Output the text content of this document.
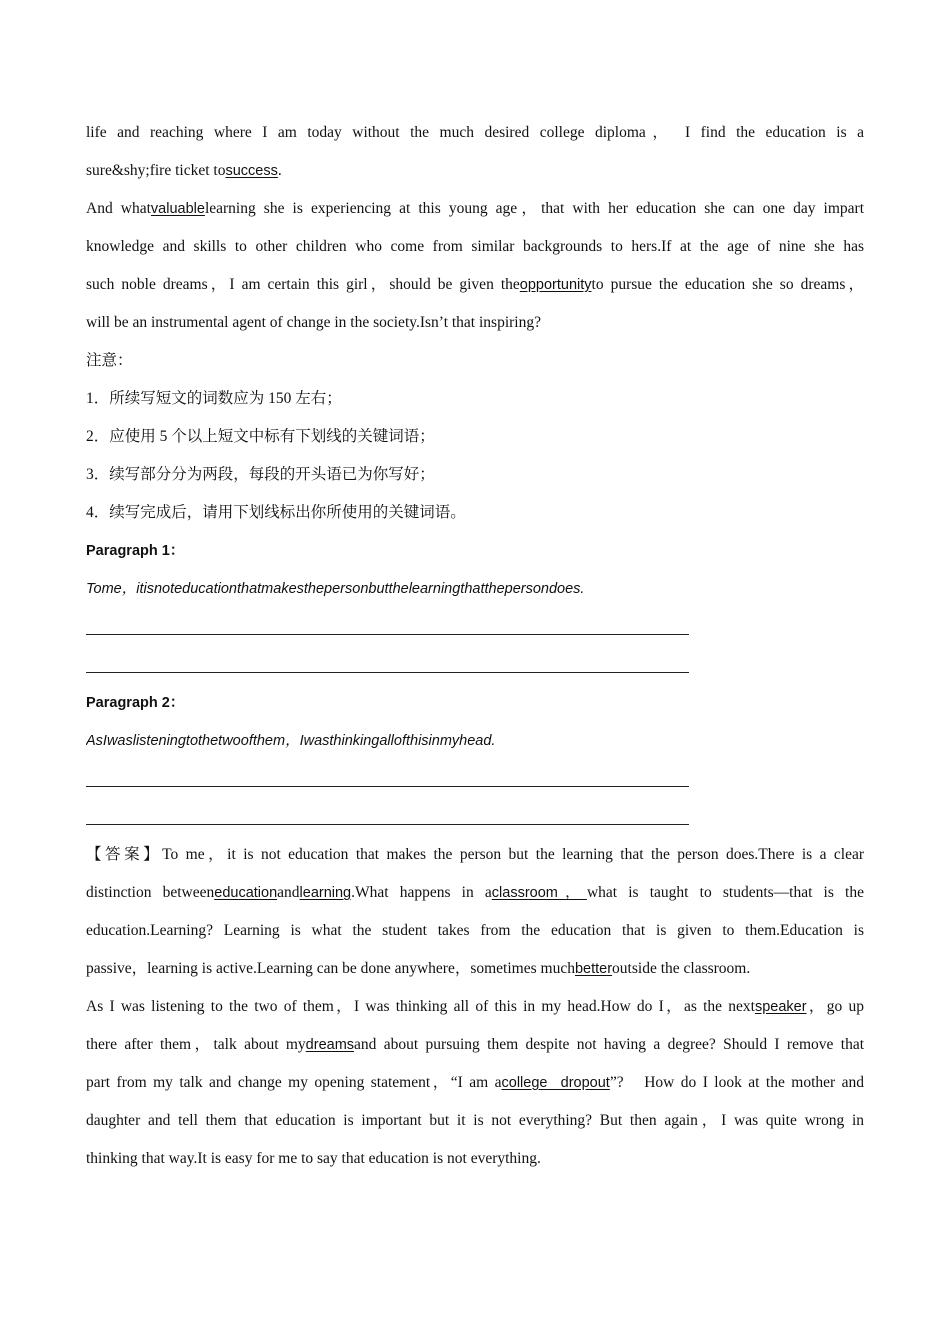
life and reaching where I am today without the much desired college diploma， I find the education is a
sure&shy;fire ticket tosuccess.
And whatvaluablelearning she is experiencing at this young age，that with her education she can one day impart
knowledge and skills to other children who come from similar backgrounds to hers.If at the age of nine she has
such noble dreams，I am certain this girl，should be given theopportunityto pursue the education she so dreams，
will be an instrumental agent of change in the society.Isn’t that inspiring?
注意：
1．所续写短文的词数应为 150 左右；
2．应使用 5 个以上短文中标有下划线的关键词语；
3．续写部分分为两段，每段的开头语已为你写好；
4．续写完成后，请用下划线标出你所使用的关键词语。
Paragraph 1：
Tome，itisnoteducationthatmakesthepersonbutthelearningthatthepersondoes.
Paragraph 2：
AsIwaslisteningtothetwoofthem，Iwasthinkingallofthisinmyhead.
【答案】To me，it is not education that makes the person but the learning that the person does.There is a clear
distinction betweeneducationandlearning.What happens in aclassroom，what is taught to students—that is the
education.Learning? Learning is what the student takes from the education that is given to them.Education is
passive，learning is active.Learning can be done anywhere，sometimes muchbetteroutside the classroom.
As I was listening to the two of them，I was thinking all of this in my head.How do I，as the nextspeaker，go up
there after them，talk about mydreamsand about pursuing them despite not having a degree? Should I remove that
part from my talk and change my opening statement，“I am acollege  dropout”?　How do I look at the mother and
daughter and tell them that education is important but it is not everything? But then again，I was quite wrong in
thinking that way.It is easy for me to say that education is not everything.
